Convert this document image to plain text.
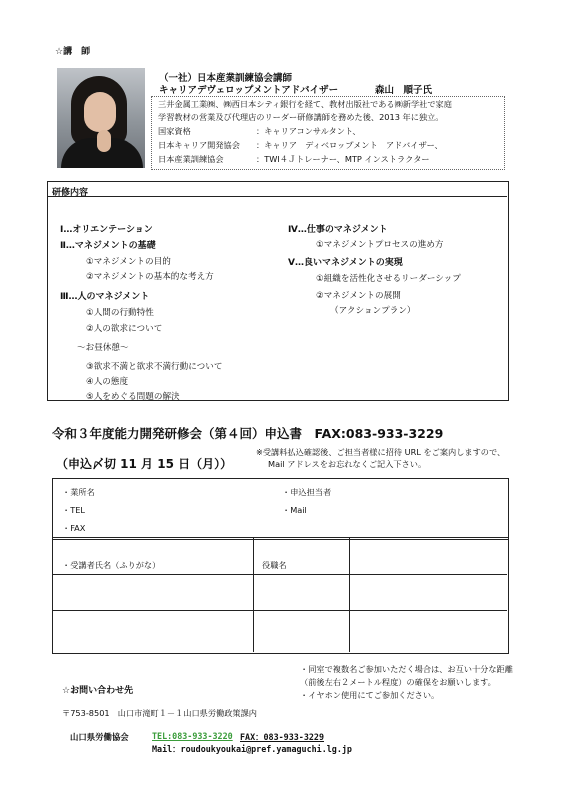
☆講　師
（一社）日本産業訓練協会講師
キャリアデヴェロップメントアドバイザー	森山　順子氏
三井金属工業㈱、㈱西日本シティ銀行を経て、教材出版社である㈱新学社で家庭
学習教材の営業及び代理店のリーダー研修講師を務めた後、2013 年に独立。
国家資格	：キャリアコンサルタント、
日本キャリア開発協会 ：キャリア　ディベロップメント　アドバイザー、
日本産業訓練協会	：TWI４Ｊトレーナー、MTP インストラクター
研修内容
Ⅰ…オリエンテーション
Ⅱ…マネジメントの基礎
①マネジメントの目的
②マネジメントの基本的な考え方
Ⅲ…人のマネジメント
①人間の行動特性
②人の欲求について
～お昼休憩～
③欲求不満と欲求不満行動について
④人の態度
⑤人をめぐる問題の解決
Ⅳ…仕事のマネジメント
①マネジメントプロセスの進め方
Ⅴ…良いマネジメントの実現
①組織を活性化させるリーダーシップ
②マネジメントの展開
（アクションプラン）
令和３年度能力開発研修会（第４回）申込書　FAX:083-933-3229
（申込〆切 11 月 15 日（月））
※受講料払込確認後、ご担当者様に招待 URL をご案内しますので、
Mail アドレスをお忘れなくご記入下さい。
・業所名	・申込担当者
・TEL	・Mail
・FAX
・受講者氏名（ふりがな）	役職名
・同室で複数名ご参加いただく場合は、お互い十分な距離
（前後左右２メートル程度）の確保をお願いします。
・イヤホン使用にてご参加ください。
☆お問い合わせ先
〒753-8501　山口市滝町１－１山口県労働政策課内
山口県労働協会	TEL:083-933-3220 FAX：083-933-3229
Mail：roudoukyoukai@pref.yamaguchi.lg.jp
